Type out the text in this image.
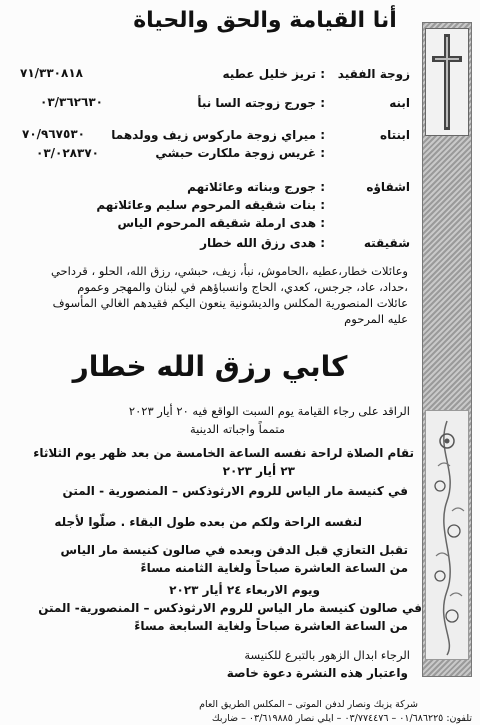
أنا القيامة والحق والحياة
زوجة الفقيد
: تريز خليل عطيه
٧١/٣٣٠٨١٨
ابنه
: جورج زوجته السا نبأ
٠٣/٣٦٢٦٣٠
ابنتاه
: ميراي زوجة ماركوس زيف وولدهما
٧٠/٩٦٧٥٣٠
: غريس زوجة ملكارت حبشي
٠٣/٠٢٨٣٧٠
اشقاؤه
: جورج وبناته وعائلاتهم
: بنات شقيقه المرحوم سليم وعائلاتهم
: هدى ارملة شقيقه المرحوم الياس
شقيقته
: هدى رزق الله خطار
وعائلات خطار،عطيه ،الحاموش، نبأ، زيف، حبشي، رزق الله، الحلو ، قرداحي ،حداد، عاد، جرجس، كعدي، الحاج وانسباؤهم في لبنان والمهجر وعموم عائلات المنصورية المكلس والديشونية ينعون اليكم فقيدهم الغالي المأسوف عليه المرحوم
كابي رزق الله خطار
الراقد على رجاء القيامة يوم السبت الواقع فيه ٢٠ أيار ٢٠٢٣
متمماً واجباته الدينية
تقام الصلاة لراحة نفسه الساعة الخامسة من بعد ظهر يوم الثلاثاء
٢٣ أيار ٢٠٢٣
في كنيسة مار الياس للروم الارثوذكس – المنصورية - المتن
لنفسه الراحة ولكم من بعده طول البقاء . صلّوا لأجله
تقبل التعازي قبل الدفن وبعده في صالون كنيسة مار الياس
من الساعة العاشرة صباحاً ولغاية الثامنه مساءً
ويوم الاربعاء ٢٤ أيار ٢٠٢٣
في صالون كنيسة مار الياس للروم الارثوذكس – المنصورية- المتن
من الساعة العاشرة صباحاً ولغاية السابعة مساءً
الرجاء ابدال الزهور بالتبرع للكنيسة
واعتبار هذه النشرة دعوة خاصة
شركة يزبك ونصار لدفن الموتى – المكلس الطريق العام
تلفون: ٠١/٦٨٦٢٢٥ – ٠٣/٧٧٤٤٧٦ – ايلي نصار ٠٣/٦١٩٨٨٥ – ضاربك
